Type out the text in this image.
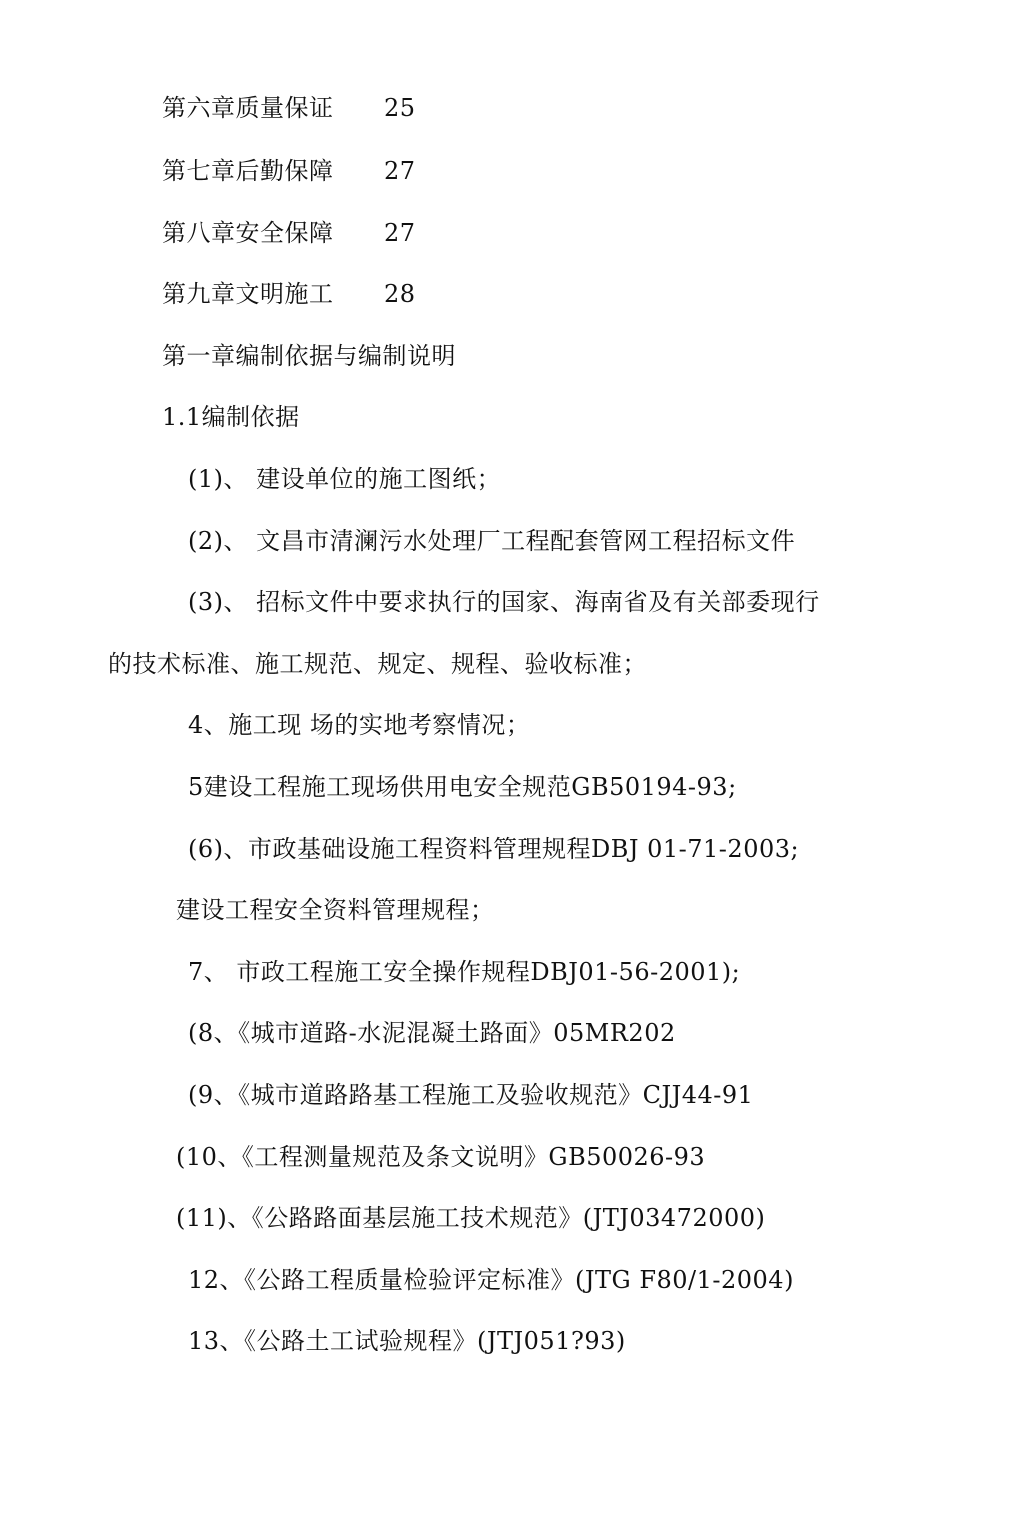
第六章质量保证 25
第七章后勤保障 27
第八章安全保障 27
第九章文明施工 28
第一章编制依据与编制说明
1.1编制依据
(1)、 建设单位的施工图纸；
(2)、 文昌市清澜污水处理厂工程配套管网工程招标文件
(3)、 招标文件中要求执行的国家、海南省及有关部委现行
的技术标准、施工规范、规定、规程、验收标准；
4、施工现 场的实地考察情况；
5建设工程施工现场供用电安全规范GB50194-93;
(6)、市政基础设施工程资料管理规程DBJ 01-71-2003;
建设工程安全资料管理规程；
7、 市政工程施工安全操作规程DBJ01-56-2001);
(8、《城市道路-水泥混凝土路面》05MR202
(9、《城市道路路基工程施工及验收规范》CJJ44-91
(10、《工程测量规范及条文说明》GB50026-93
(11)、《公路路面基层施工技术规范》(JTJ03472000)
12、《公路工程质量检验评定标准》(JTG F80/1-2004)
13、《公路土工试验规程》(JTJ051?93)
